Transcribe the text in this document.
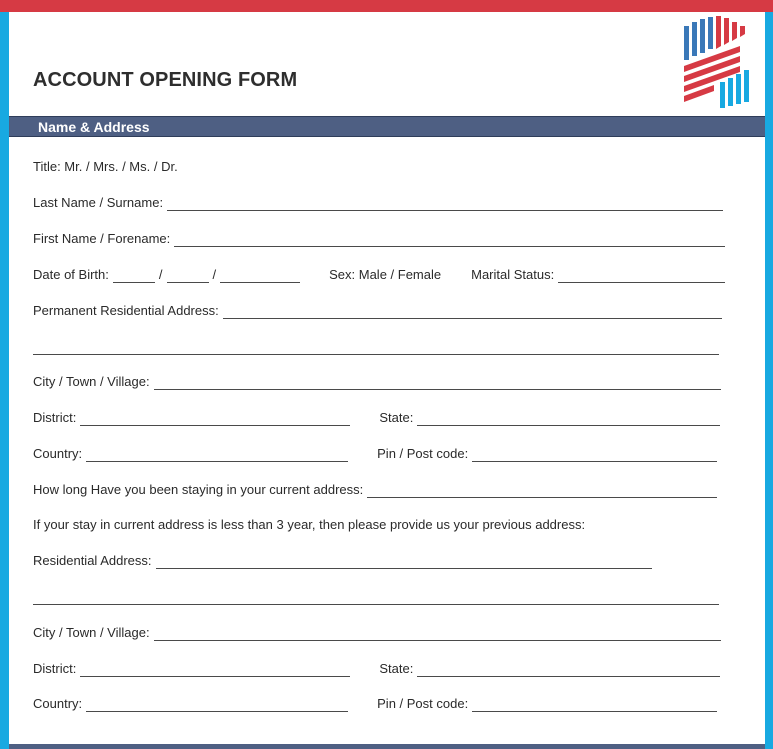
ACCOUNT OPENING FORM
Name & Address
Title: Mr. / Mrs. / Ms. / Dr.
Last Name / Surname:
First Name / Forename:
Date of Birth:	/	/	Sex: Male / Female Marital Status:
Permanent Residential Address:
City / Town / Village:
District:	State:
Country:	Pin / Post code:
How long Have you been staying in your current address:
If your stay in current address is less than 3 year, then please provide us your previous address:
Residential Address:
City / Town / Village:
District:	State:
Country:	Pin / Post code:
